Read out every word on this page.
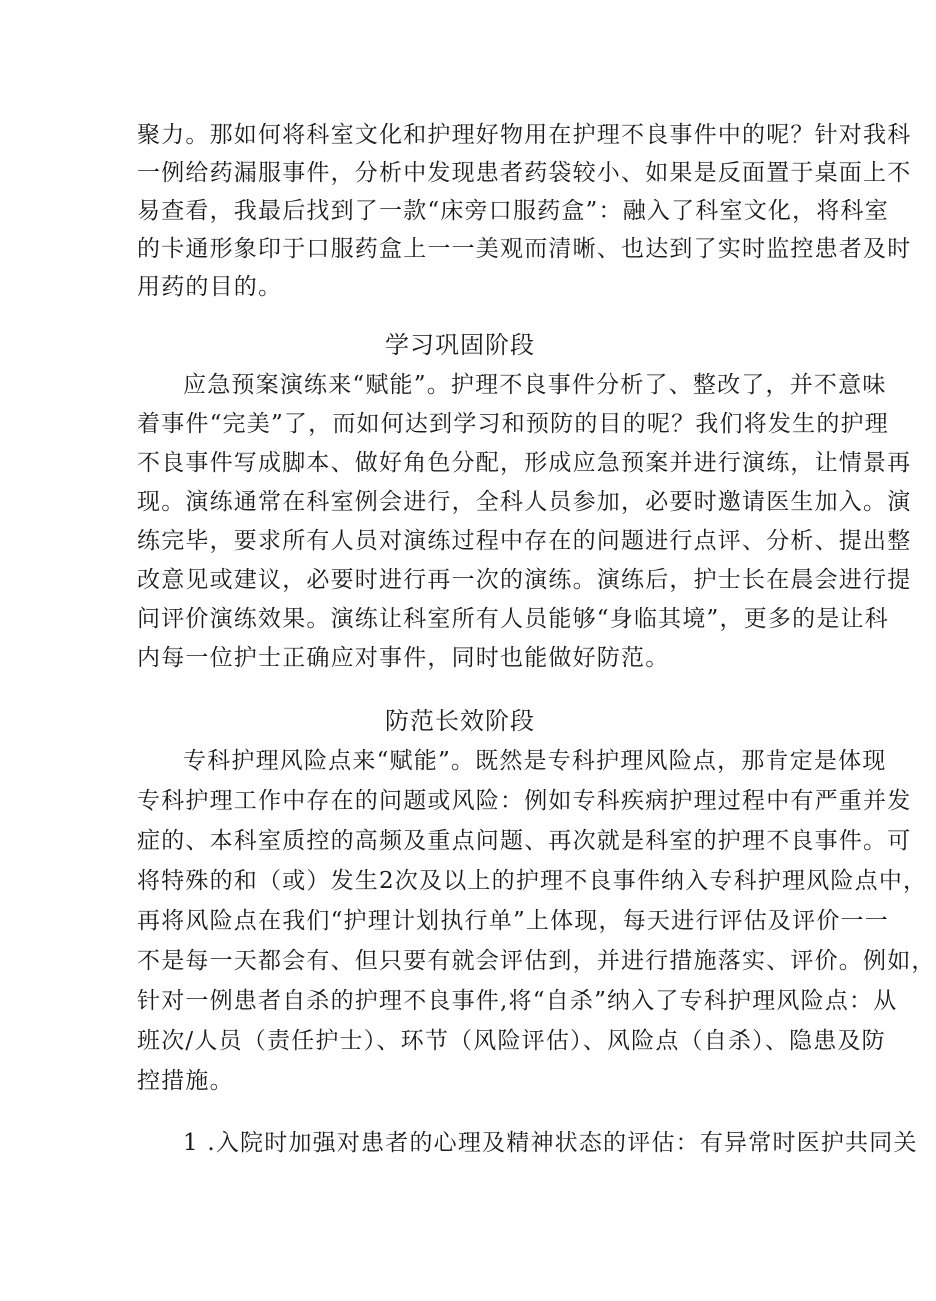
聚力。那如何将科室文化和护理好物用在护理不良事件中的呢？针对我科
一例给药漏服事件，分析中发现患者药袋较小、如果是反面置于桌面上不
易查看，我最后找到了一款“床旁口服药盒”：融入了科室文化，将科室
的卡通形象印于口服药盒上一一美观而清晰、也达到了实时监控患者及时
用药的目的。
学习巩固阶段
应急预案演练来“赋能”。护理不良事件分析了、整改了，并不意味
着事件“完美”了，而如何达到学习和预防的目的呢？我们将发生的护理
不良事件写成脚本、做好角色分配，形成应急预案并进行演练，让情景再
现。演练通常在科室例会进行，全科人员参加，必要时邀请医生加入。演
练完毕，要求所有人员对演练过程中存在的问题进行点评、分析、提出整
改意见或建议，必要时进行再一次的演练。演练后，护士长在晨会进行提
问评价演练效果。演练让科室所有人员能够“身临其境”，更多的是让科
内每一位护士正确应对事件，同时也能做好防范。
防范长效阶段
专科护理风险点来“赋能”。既然是专科护理风险点，那肯定是体现
专科护理工作中存在的问题或风险：例如专科疾病护理过程中有严重并发
症的、本科室质控的高频及重点问题、再次就是科室的护理不良事件。可
将特殊的和（或）发生2次及以上的护理不良事件纳入专科护理风险点中，
再将风险点在我们“护理计划执行单”上体现，每天进行评估及评价一一
不是每一天都会有、但只要有就会评估到，并进行措施落实、评价。例如，
针对一例患者自杀的护理不良事件,将“自杀”纳入了专科护理风险点：从
班次/人员（责任护士）、环节（风险评估）、风险点（自杀）、隐患及防
控措施。
1 .入院时加强对患者的心理及精神状态的评估：有异常时医护共同关
